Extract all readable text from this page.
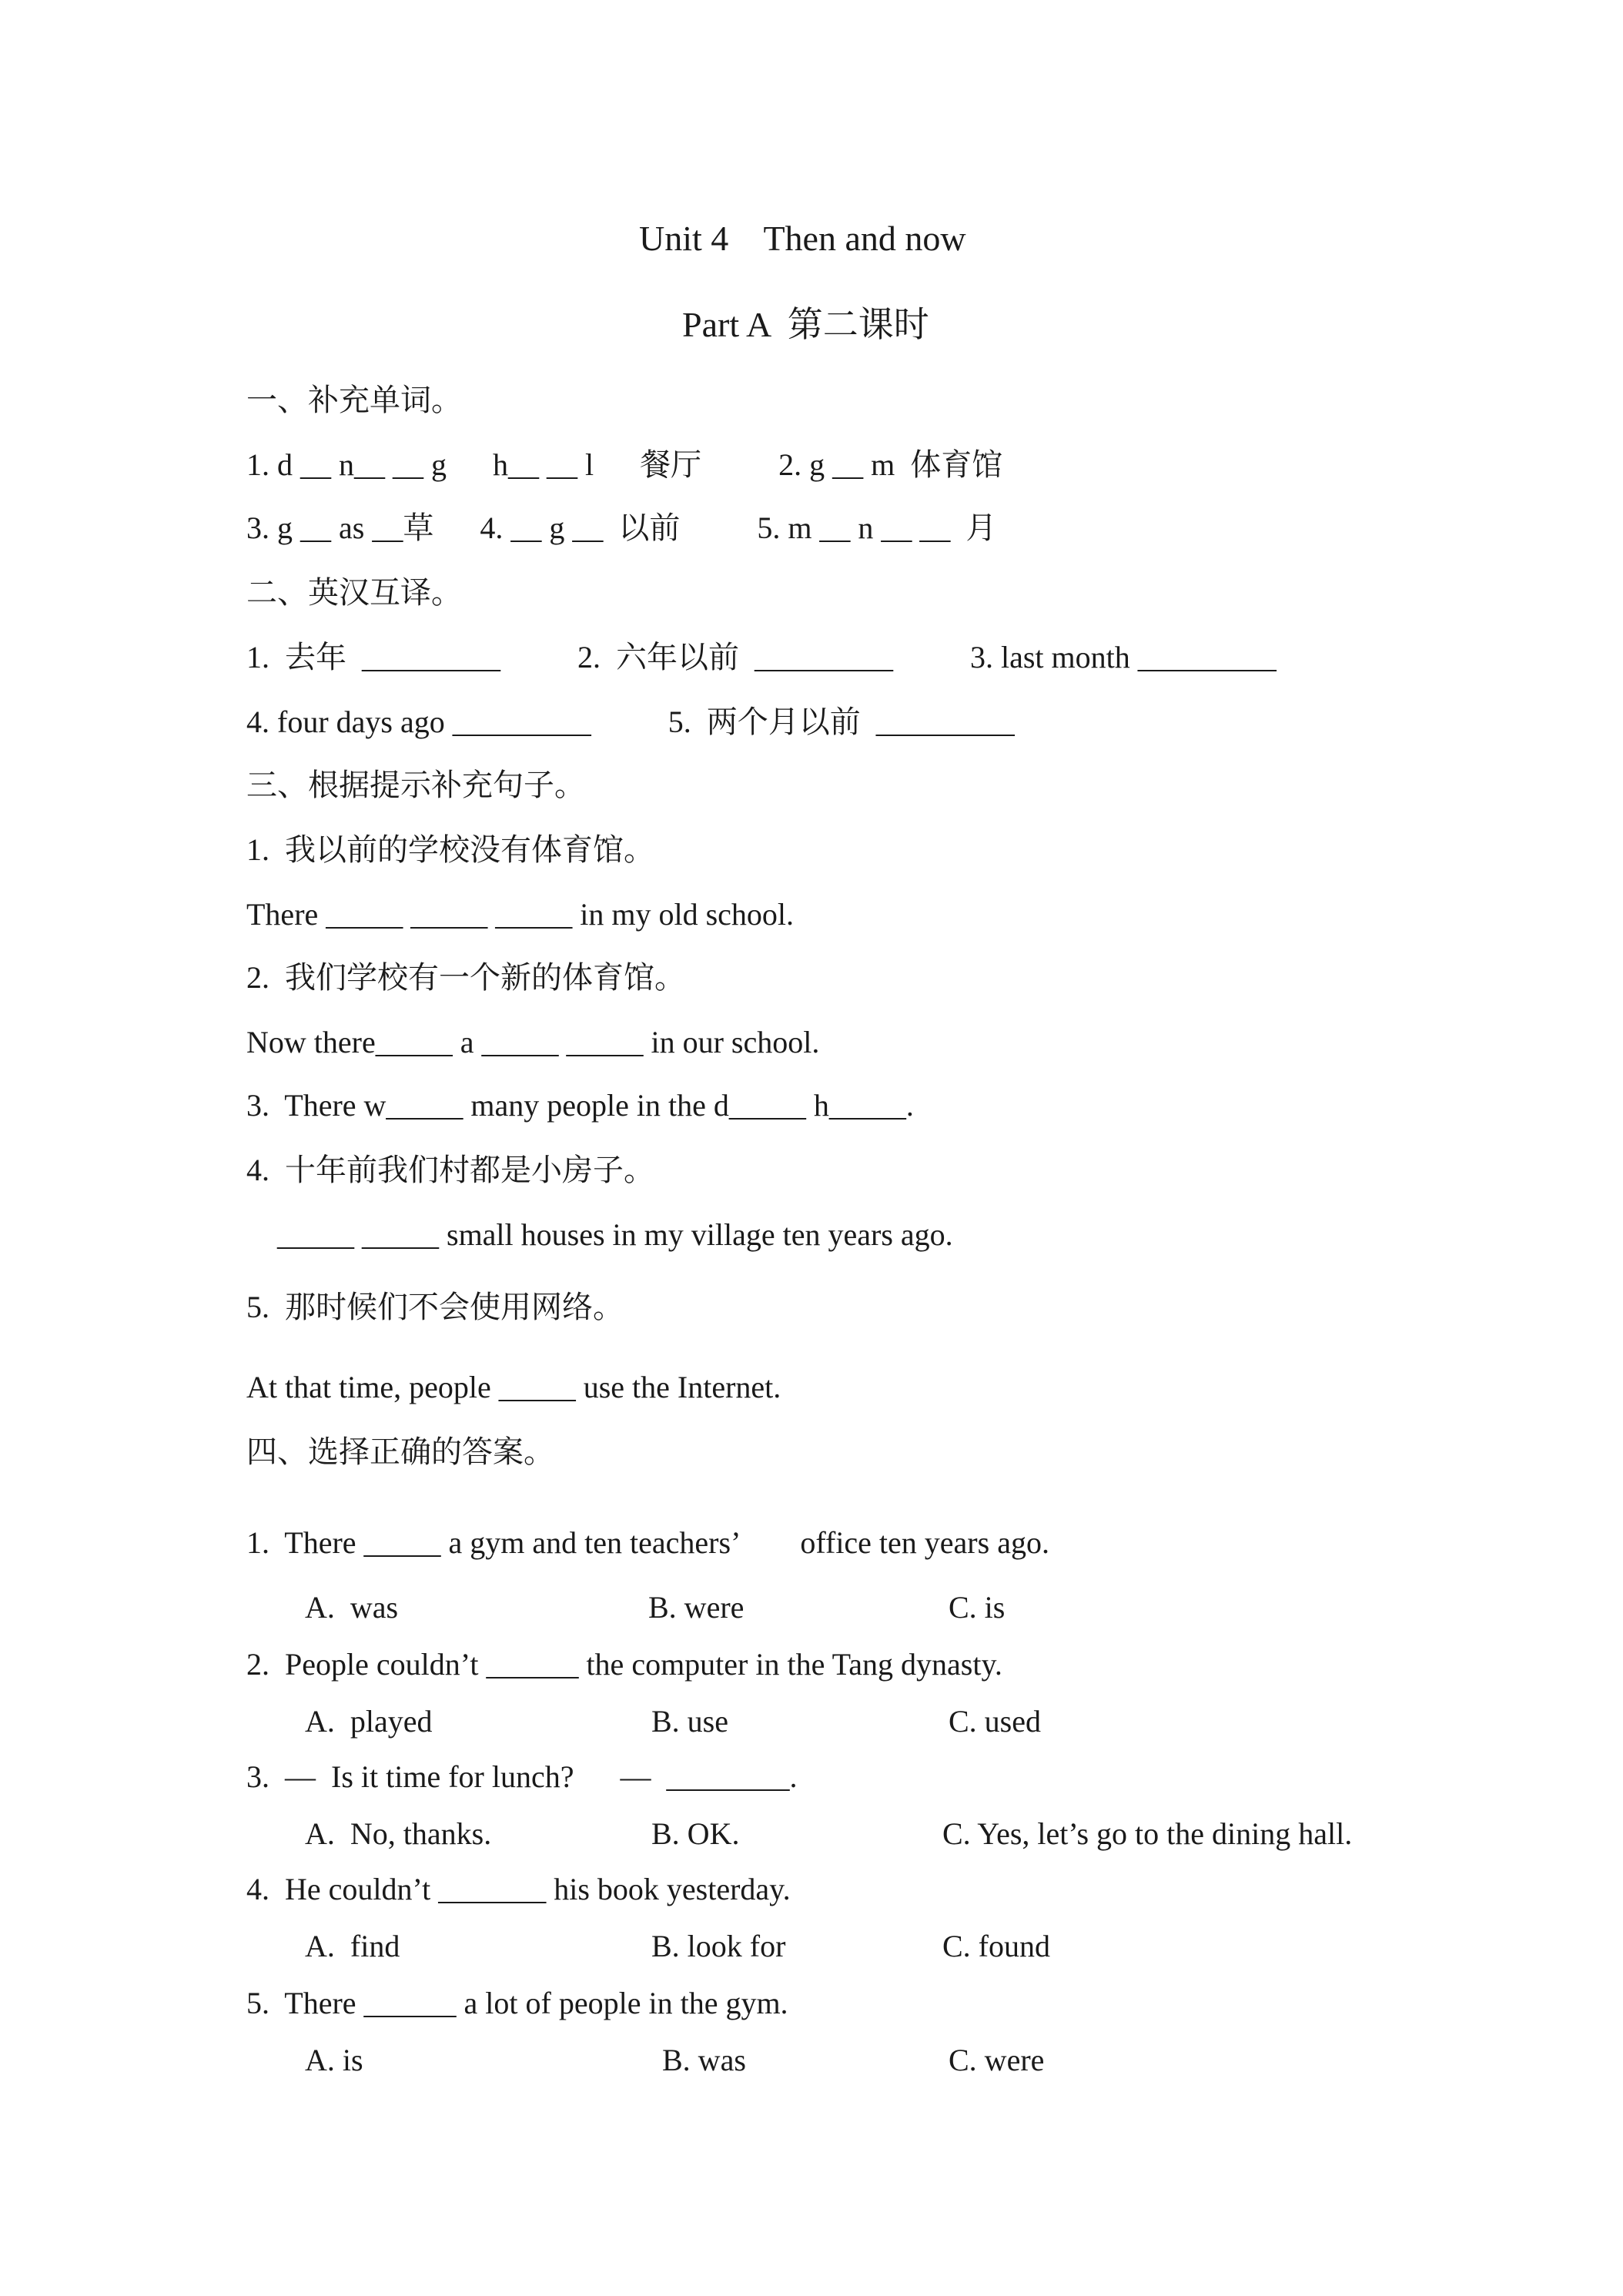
Unit 4    Then and now
Part A  第二课时
一、补充单词。
1. d __ n__ __ g      h__ __ l      餐厅          2. g __ m  体育馆
3. g __ as __草      4. __ g __  以前          5. m __ n __ __  月
二、英汉互译。
1.  去年  _________          2.  六年以前  _________          3. last month _________
4. four days ago _________          5.  两个月以前  _________
三、根据提示补充句子。
1.  我以前的学校没有体育馆。
There _____ _____ _____ in my old school.
2.  我们学校有一个新的体育馆。
Now there_____ a _____ _____ in our school.
3.  There w_____ many people in the d_____ h_____.
4.  十年前我们村都是小房子。
_____ _____ small houses in my village ten years ago.
5.  那时候们不会使用网络。
At that time, people _____ use the Internet.
四、选择正确的答案。
1.  There _____ a gym and ten teachers’        office ten years ago.
A.  was	B. were	C. is
2.  People couldn’t ______ the computer in the Tang dynasty.
A.  played	B. use	C. used
3.  —  Is it time for lunch?      —  ________.
A.  No, thanks.	B. OK.	C. Yes, let’s go to the dining hall.
4.  He couldn’t _______ his book yesterday.
A.  find	B. look for	C. found
5.  There ______ a lot of people in the gym.
A. is	B. was	C. were
